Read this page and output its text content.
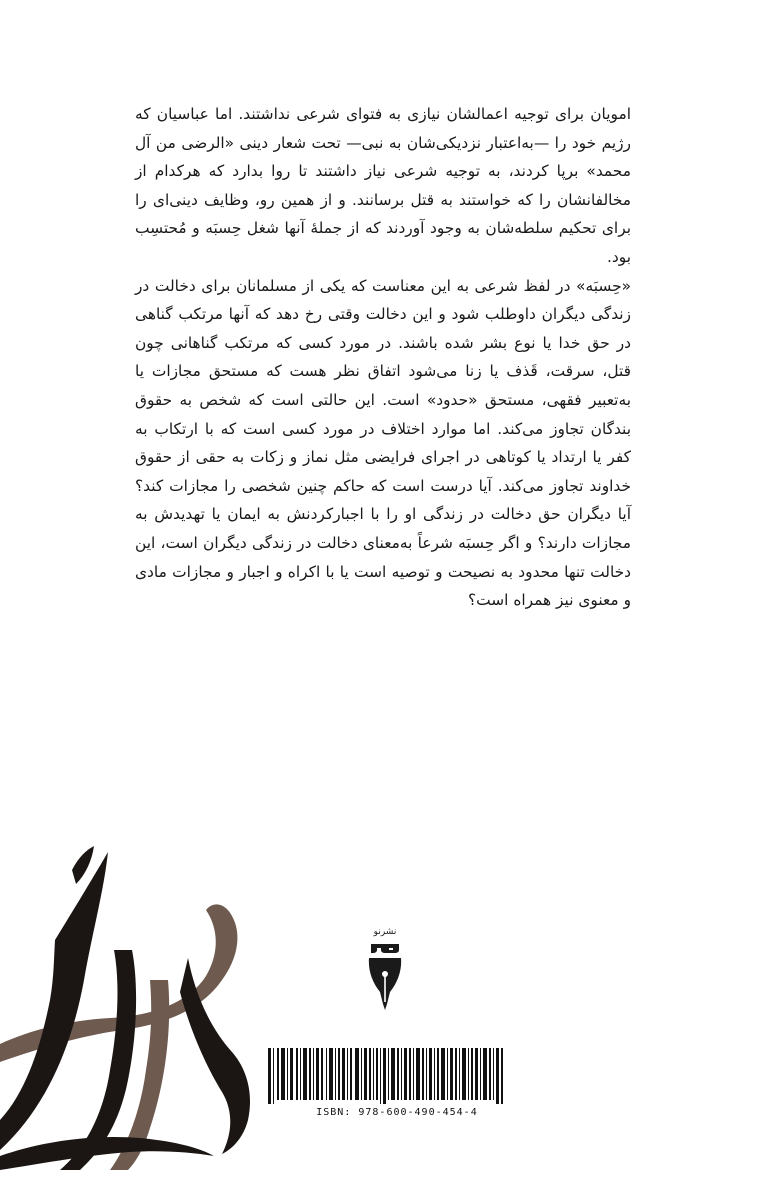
امویان برای توجیه اعمالشان نیازی به فتوای شرعی نداشتند. اما عباسیان که رژیم خود را —به‌اعتبار نزدیکی‌شان به نبی— تحت شعار دینی «الرضی من آل محمد» برپا کردند، به توجیه شرعی نیاز داشتند تا روا بدارد که هرکدام از مخالفانشان را که خواستند به قتل برسانند. و از همین رو، وظایف دینی‌ای را برای تحکیم سلطه‌شان به وجود آوردند که از جملهٔ آنها شغل حِسبَه و مُحتسِب بود.

«حِسبَه» در لفظ شرعی به این معناست که یکی از مسلمانان برای دخالت در زندگی دیگران داوطلب شود و این دخالت وقتی رخ دهد که آنها مرتکب گناهی در حق خدا یا نوع بشر شده باشند. در مورد کسی که مرتکب گناهانی چون قتل، سرقت، قَذف یا زنا می‌شود اتفاق نظر هست که مستحق مجازات یا به‌تعبیر فقهی، مستحق «حدود» است. این حالتی است که شخص به حقوق بندگان تجاوز می‌کند. اما موارد اختلاف در مورد کسی است که با ارتکاب به کفر یا ارتداد یا کوتاهی در اجرای فرایضی مثل نماز و زکات به حقی از حقوق خداوند تجاوز می‌کند. آیا درست است که حاکم چنین شخصی را مجازات کند؟ آیا دیگران حق دخالت در زندگی او را با اجبارکردنش به ایمان یا تهدیدش به مجازات دارند؟ و اگر حِسبَه شرعاً به‌معنای دخالت در زندگی دیگران است، این دخالت تنها محدود به نصیحت و توصیه است یا با اکراه و اجبار و مجازات مادی و معنوی نیز همراه است؟

نشرنو
ISBN: 978-600-490-454-4
